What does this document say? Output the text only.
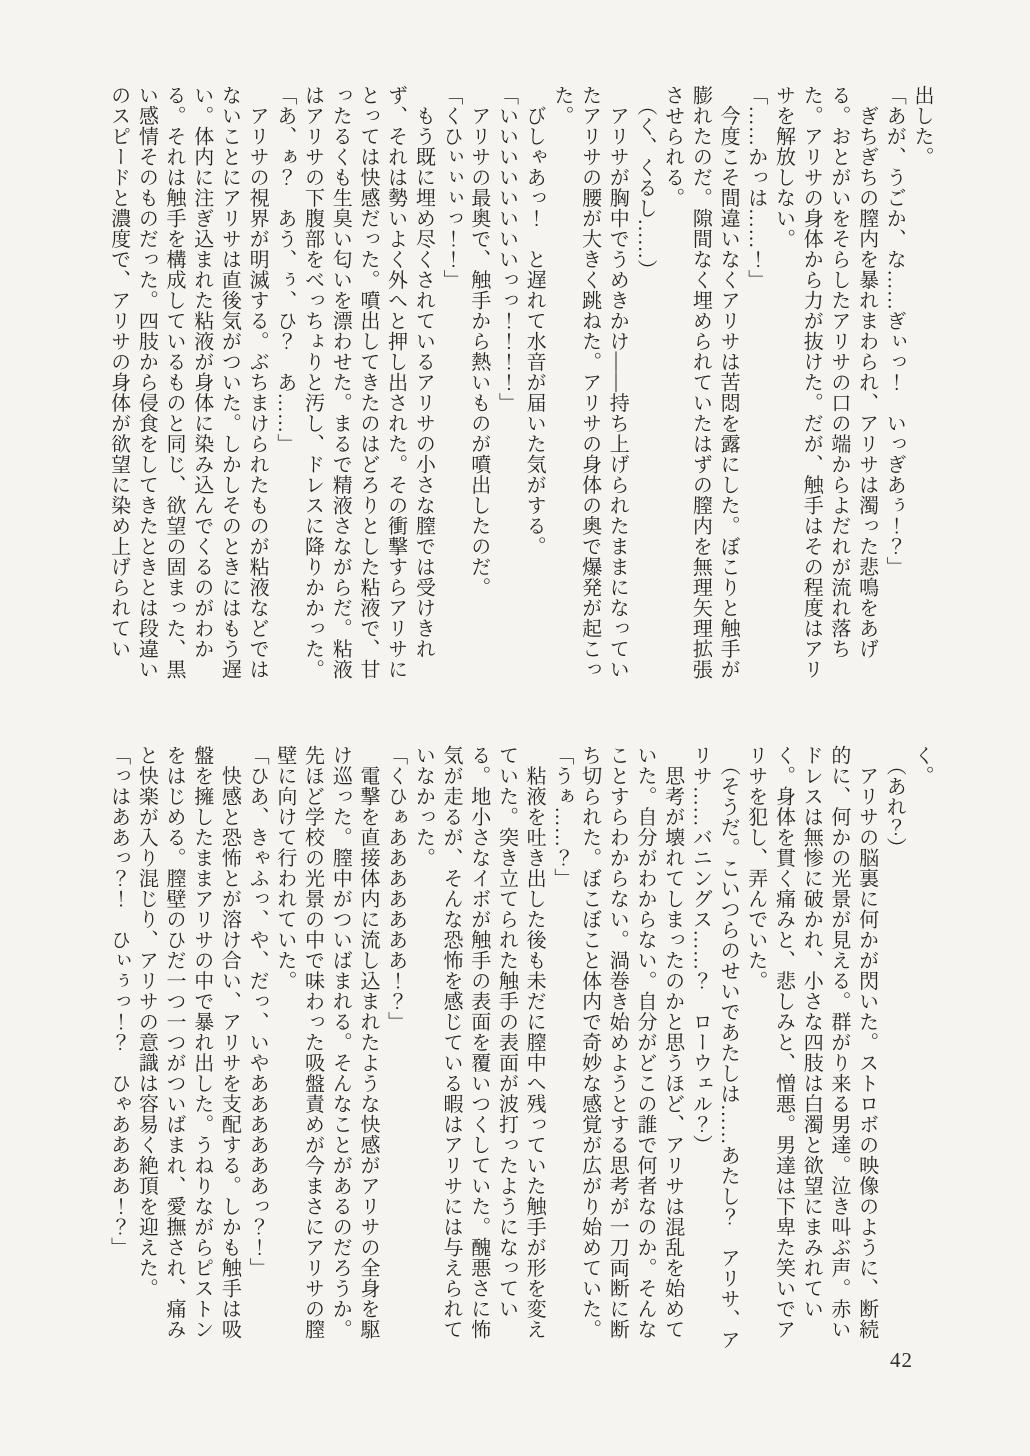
出した。

「あが、うごか、な……ぎぃっ！　いっぎあぅ！？」

　ぎちぎちの膣内を暴れまわられ、アリサは濁った悲鳴をあげ

る。おとがいをそらしたアリサの口の端からよだれが流れ落ち

た。アリサの身体から力が抜けた。だが、触手はその程度はアリ

サを解放しない。

「……かっは……！」

　今度こそ間違いなくアリサは苦悶を露にした。ぼこりと触手が

膨れたのだ。隙間なく埋められていたはずの膣内を無理矢理拡張

させられる。

　（く、くるし……）

　アリサが胸中でうめきかけ――持ち上げられたままになってい

たアリサの腰が大きく跳ねた。アリサの身体の奥で爆発が起こっ

た。

　びしゃあっ！　と遅れて水音が届いた気がする。

「いいいいいいいいっっ！！！！」

　アリサの最奥で、触手から熱いものが噴出したのだ。

「くひぃぃぃっ！！」

　もう既に埋め尽くされているアリサの小さな膣では受けきれ

ず、それは勢いよく外へと押し出された。その衝撃すらアリサに

とっては快感だった。噴出してきたのはどろりとした粘液で、甘

ったるくも生臭い匂いを漂わせた。まるで精液さながらだ。粘液

はアリサの下腹部をべっちょりと汚し、ドレスに降りかかった。

「あ、ぁ？　あう、ぅ、ひ？　あ……」

　アリサの視界が明滅する。ぶちまけられたものが粘液などでは

ないことにアリサは直後気がついた。しかしそのときにはもう遅

い。体内に注ぎ込まれた粘液が身体に染み込んでくるのがわか

る。それは触手を構成しているものと同じ、欲望の固まった、黒

い感情そのものだった。四肢から侵食をしてきたときとは段違い

のスピードと濃度で、アリサの身体が欲望に染め上げられてい

く。

　（あれ？）

　アリサの脳裏に何かが閃いた。ストロボの映像のように、断続

的に、何かの光景が見える。群がり来る男達。泣き叫ぶ声。赤い

ドレスは無惨に破かれ、小さな四肢は白濁と欲望にまみれてい

く。身体を貫く痛みと、悲しみと、憎悪。男達は下卑た笑いでア

リサを犯し、弄んでいた。

　（そうだ。こいつらのせいであたしは……あたし？　アリサ、ア

リサ……バニングス……？　ローウェル？）

　思考が壊れてしまったのかと思うほど、アリサは混乱を始めて

いた。自分がわからない。自分がどこの誰で何者なのか。そんな

ことすらわからない。渦巻き始めようとする思考が一刀両断に断

ち切られた。ぼこぼこと体内で奇妙な感覚が広がり始めていた。

「うぁ……？」

　粘液を吐き出した後も未だに膣中へ残っていた触手が形を変え

ていた。突き立てられた触手の表面が波打ったようになってい

る。地小さなイボが触手の表面を覆いつくしていた。醜悪さに怖

気が走るが、そんな恐怖を感じている暇はアリサには与えられて

いなかった。

「くひぁあああああああ！？」

　電撃を直接体内に流し込まれたような快感がアリサの全身を駆

け巡った。膣中がついばまれる。そんなことがあるのだろうか。

先ほど学校の光景の中で味わった吸盤責めが今まさにアリサの膣

壁に向けて行われていた。

「ひあ、きゃふっ、や、だっ、いやああああああっ？！」

　快感と恐怖とが溶け合い、アリサを支配する。しかも触手は吸

盤を擁したままアリサの中で暴れ出した。うねりながらピストン

をはじめる。膣壁のひだ一つ一つがついばまれ、愛撫され、痛み

と快楽が入り混じり、アリサの意識は容易く絶頂を迎えた。

「っはああっ？！　ひぃぅっ！？　ひゃああああ！？」

42
